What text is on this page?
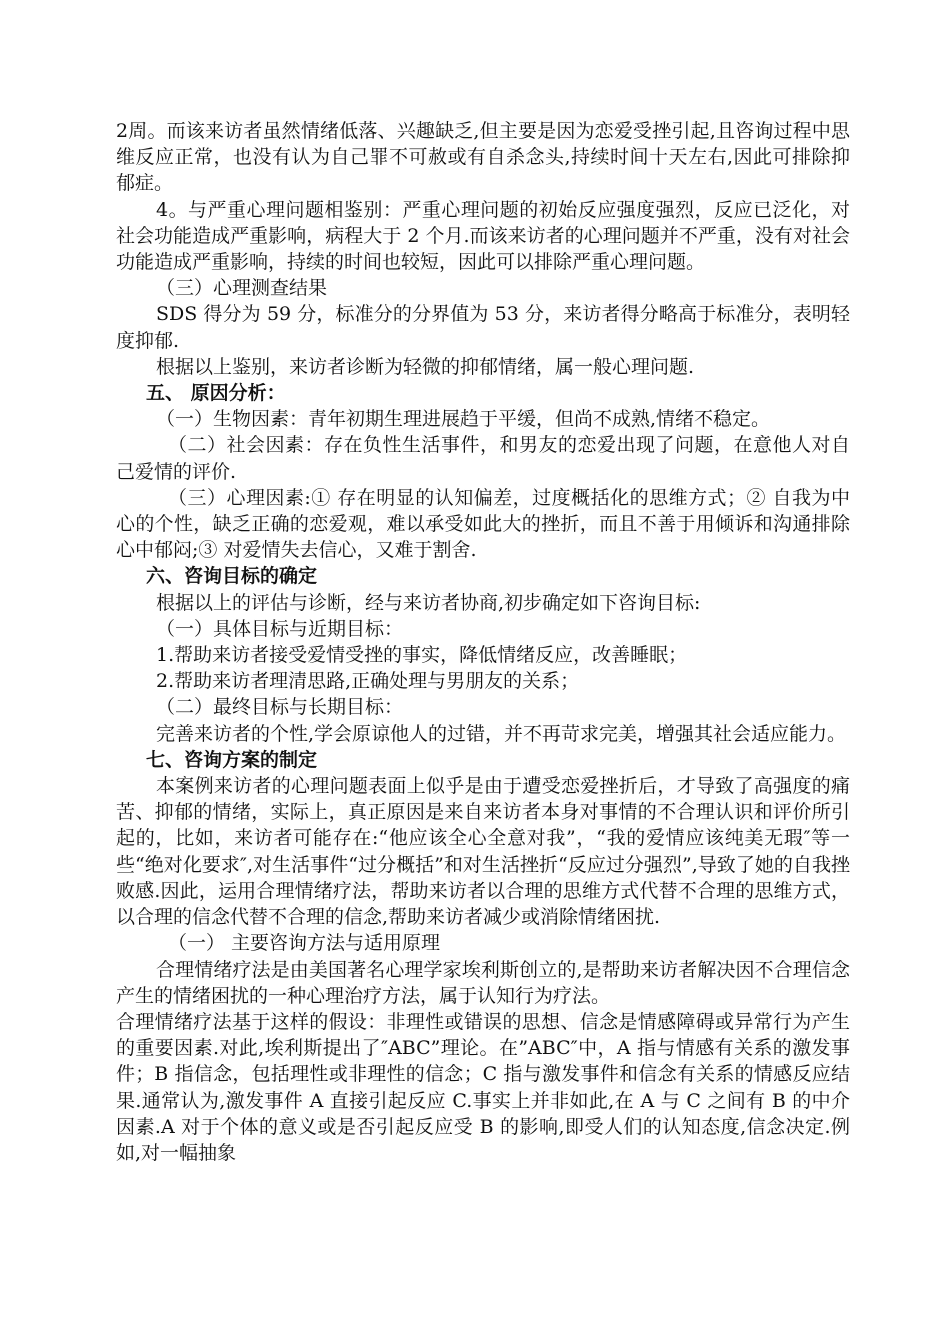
2周。而该来访者虽然情绪低落、兴趣缺乏,但主要是因为恋爱受挫引起,且咨询过程中思维反应正常，也没有认为自己罪不可赦或有自杀念头,持续时间十天左右,因此可排除抑郁症。

4。与严重心理问题相鉴别：严重心理问题的初始反应强度强烈，反应已泛化，对社会功能造成严重影响，病程大于 2 个月.而该来访者的心理问题并不严重，没有对社会功能造成严重影响，持续的时间也较短，因此可以排除严重心理问题。

（三）心理测查结果

SDS 得分为 59 分，标准分的分界值为 53 分，来访者得分略高于标准分，表明轻度抑郁.

根据以上鉴别，来访者诊断为轻微的抑郁情绪，属一般心理问题.

五、 原因分析：

（一）生物因素：青年初期生理进展趋于平缓，但尚不成熟,情绪不稳定。

（二）社会因素：存在负性生活事件，和男友的恋爱出现了问题，在意他人对自己爱情的评价.

（三）心理因素:① 存在明显的认知偏差，过度概括化的思维方式；② 自我为中心的个性，缺乏正确的恋爱观，难以承受如此大的挫折，而且不善于用倾诉和沟通排除心中郁闷;③ 对爱情失去信心，又难于割舍.

六、咨询目标的确定

根据以上的评估与诊断，经与来访者协商,初步确定如下咨询目标:

（一）具体目标与近期目标：

1.帮助来访者接受爱情受挫的事实，降低情绪反应，改善睡眠；

2.帮助来访者理清思路,正确处理与男朋友的关系；

（二）最终目标与长期目标：

完善来访者的个性,学会原谅他人的过错，并不再苛求完美，增强其社会适应能力。

七、咨询方案的制定

本案例来访者的心理问题表面上似乎是由于遭受恋爱挫折后，才导致了高强度的痛苦、抑郁的情绪，实际上，真正原因是来自来访者本身对事情的不合理认识和评价所引起的，比如，来访者可能存在:“他应该全心全意对我”，“我的爱情应该纯美无瑕″等一些“绝对化要求″,对生活事件“过分概括”和对生活挫折“反应过分强烈”,导致了她的自我挫败感.因此，运用合理情绪疗法，帮助来访者以合理的思维方式代替不合理的思维方式，以合理的信念代替不合理的信念,帮助来访者减少或消除情绪困扰.

（一） 主要咨询方法与适用原理

合理情绪疗法是由美国著名心理学家埃利斯创立的,是帮助来访者解决因不合理信念产生的情绪困扰的一种心理治疗方法，属于认知行为疗法。

合理情绪疗法基于这样的假设：非理性或错误的思想、信念是情感障碍或异常行为产生的重要因素.对此,埃利斯提出了″ABC”理论。在”ABC″中，A 指与情感有关系的激发事件；B 指信念，包括理性或非理性的信念；C 指与激发事件和信念有关系的情感反应结果.通常认为,激发事件 A 直接引起反应 C.事实上并非如此,在 A 与 C 之间有 B 的中介因素.A 对于个体的意义或是否引起反应受 B 的影响,即受人们的认知态度,信念决定.例如,对一幅抽象
